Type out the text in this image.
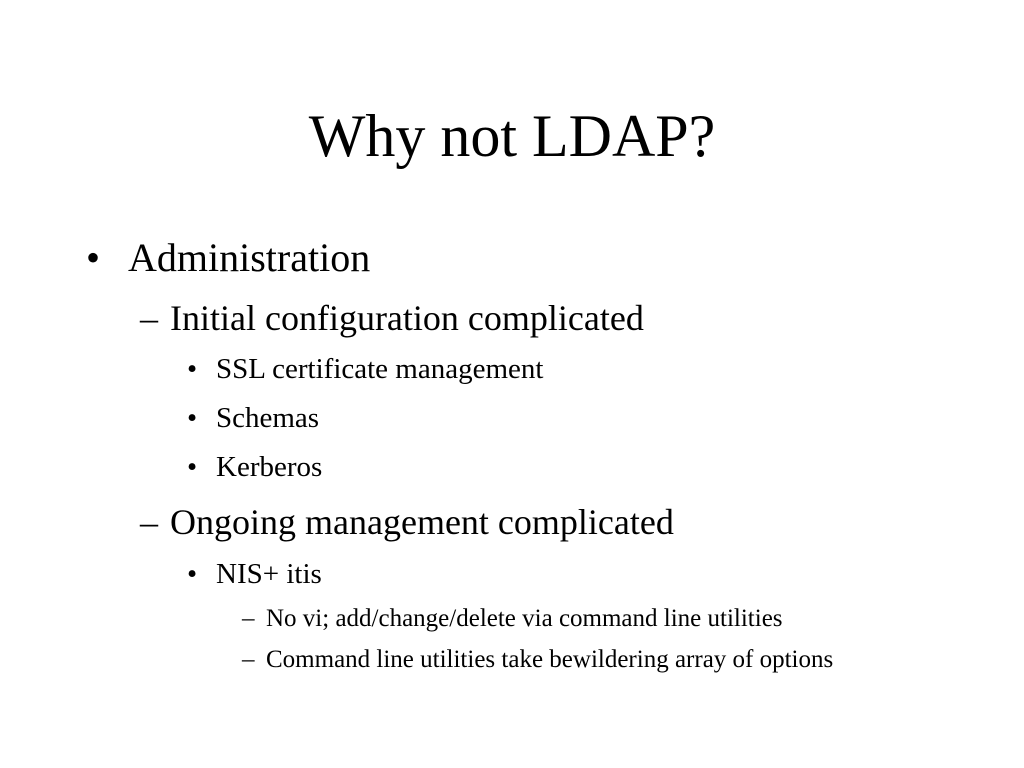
Why not LDAP?
• Administration
– Initial configuration complicated
• SSL certificate management
• Schemas
• Kerberos
– Ongoing management complicated
• NIS+ itis
– No vi; add/change/delete via command line utilities
– Command line utilities take bewildering array of options
